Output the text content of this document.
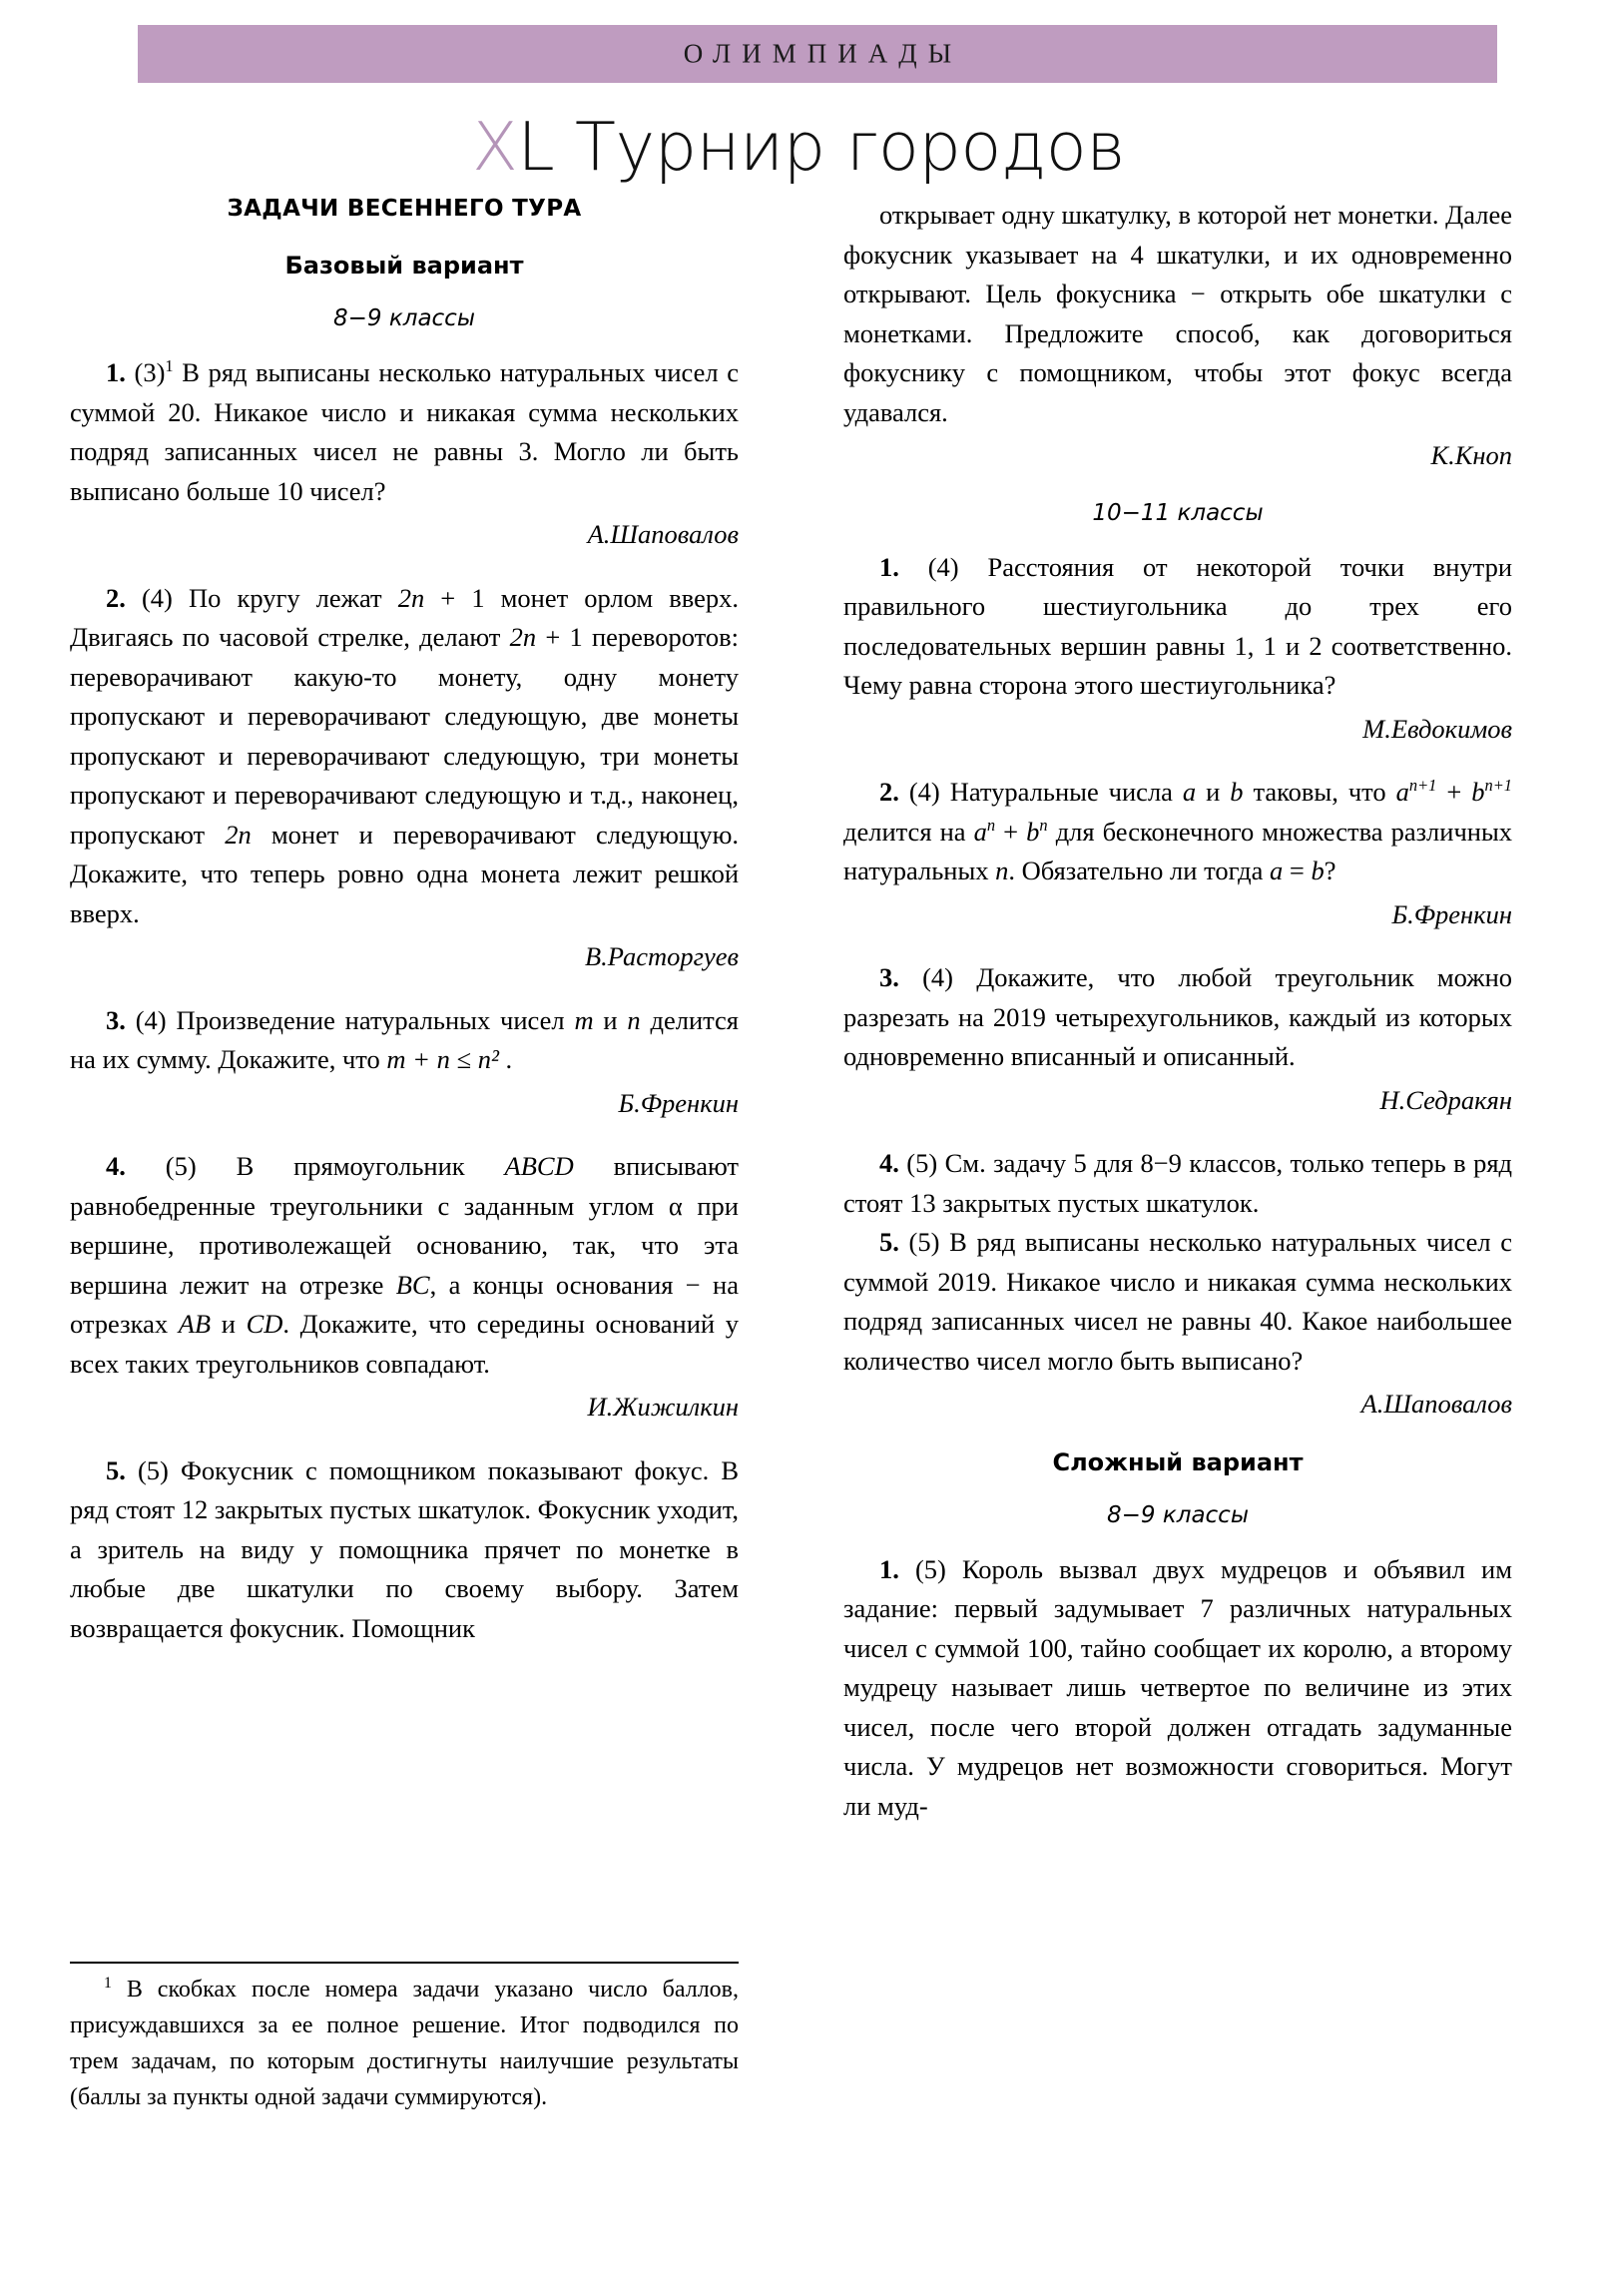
ОЛИМПИАДЫ
XL Турнир городов
ЗАДАЧИ ВЕСЕННЕГО ТУРА
Базовый вариант
8−9 классы

1. $(3)^1$ В ряд выписаны несколько натуральных чисел с суммой 20. Никакое число и никакая сумма нескольких подряд записанных чисел не равны 3. Могло ли быть выписано больше 10 чисел?

А.Шаповалов

2. (4) По кругу лежат 2n + 1 монет орлом вверх. Двигаясь по часовой стрелке, делают 2n + 1 переворотов: переворачивают какую-то монету, одну монету пропускают и переворачивают следующую, две монеты пропускают и переворачивают следующую, три монеты пропускают и переворачивают следующую и т.д., наконец, пропускают 2n монет и переворачивают следующую. Докажите, что теперь ровно одна монета лежит решкой вверх.

В.Расторгуев

3. (4) Произведение натуральных чисел m и n делится на их сумму. Докажите, что m + n ≤ n² .

Б.Френкин

4. (5) В прямоугольник ABCD вписывают равнобедренные треугольники с заданным углом α при вершине, противолежащей основанию, так, что эта вершина лежит на отрезке BC, а концы основания − на отрезках AB и CD. Докажите, что середины оснований у всех таких треугольников совпадают.

И.Жижилкин

5. (5) Фокусник с помощником показывают фокус. В ряд стоят 12 закрытых пустых шкатулок. Фокусник уходит, а зритель на виду у помощника прячет по монетке в любые две шкатулки по своему выбору. Затем возвращается фокусник. Помощник

открывает одну шкатулку, в которой нет монетки. Далее фокусник указывает на 4 шкатулки, и их одновременно открывают. Цель фокусника − открыть обе шкатулки с монетками. Предложите способ, как договориться фокуснику с помощником, чтобы этот фокус всегда удавался.

К.Кноп

10−11 классы

1. (4) Расстояния от некоторой точки внутри правильного шестиугольника до трех его последовательных вершин равны 1, 1 и 2 соответственно. Чему равна сторона этого шестиугольника?

М.Евдокимов

2. (4) Натуральные числа a и b таковы, что $a^{n+1} + b^{n+1}$ делится на $a^n + b^n$ для бесконечного множества различных натуральных n. Обязательно ли тогда a = b?

Б.Френкин

3. (4) Докажите, что любой треугольник можно разрезать на 2019 четырехугольников, каждый из которых одновременно вписанный и описанный.

Н.Седракян

4. (5) См. задачу 5 для 8−9 классов, только теперь в ряд стоят 13 закрытых пустых шкатулок.

5. (5) В ряд выписаны несколько натуральных чисел с суммой 2019. Никакое число и никакая сумма нескольких подряд записанных чисел не равны 40. Какое наибольшее количество чисел могло быть выписано?

А.Шаповалов

Сложный вариант
8−9 классы

1. (5) Король вызвал двух мудрецов и объявил им задание: первый задумывает 7 различных натуральных чисел с суммой 100, тайно сообщает их королю, а второму мудрецу называет лишь четвертое по величине из этих чисел, после чего второй должен отгадать задуманные числа. У мудрецов нет возможности сговориться. Могут ли муд-

$^1$ В скобках после номера задачи указано число баллов, присуждавшихся за ее полное решение. Итог подводился по трем задачам, по которым достигнуты наилучшие результаты (баллы за пункты одной задачи суммируются).
